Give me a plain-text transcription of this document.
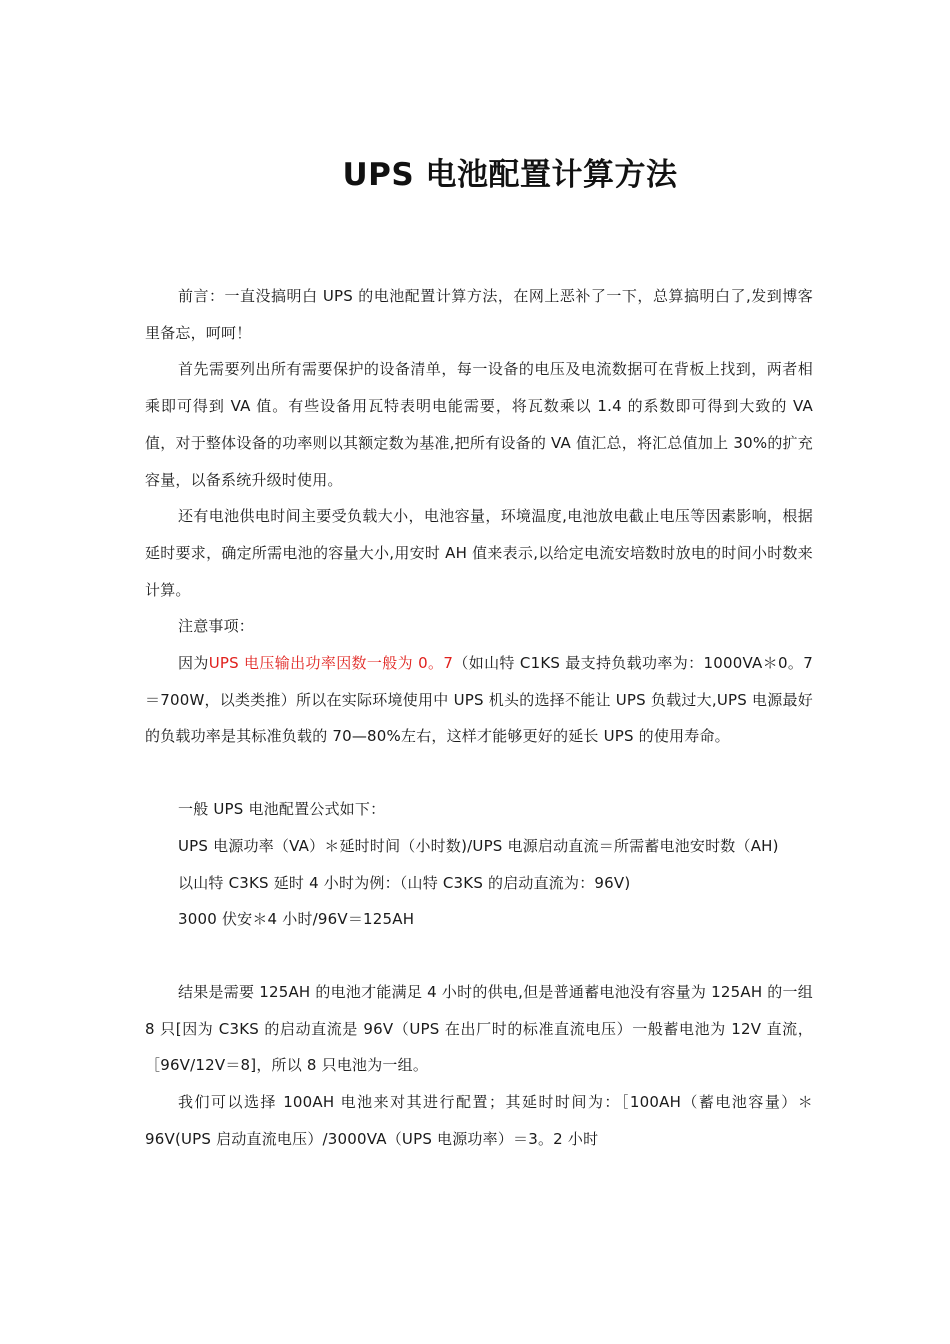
UPS 电池配置计算方法

前言：一直没搞明白 UPS 的电池配置计算方法，在网上恶补了一下，总算搞明白了,发到博客里备忘，呵呵！

首先需要列出所有需要保护的设备清单，每一设备的电压及电流数据可在背板上找到，两者相乘即可得到 VA 值。有些设备用瓦特表明电能需要，将瓦数乘以 1.4 的系数即可得到大致的 VA 值，对于整体设备的功率则以其额定数为基准,把所有设备的 VA 值汇总，将汇总值加上 30%的扩充容量，以备系统升级时使用。

还有电池供电时间主要受负载大小，电池容量，环境温度,电池放电截止电压等因素影响，根据延时要求，确定所需电池的容量大小,用安时 AH 值来表示,以给定电流安培数时放电的时间小时数来计算。

注意事项：

因为UPS 电压输出功率因数一般为 0。7（如山特 C1KS 最支持负载功率为：1000VA＊0。7＝700W，以类类推）所以在实际环境使用中 UPS 机头的选择不能让 UPS 负载过大,UPS 电源最好的负载功率是其标准负载的 70—80%左右，这样才能够更好的延长 UPS 的使用寿命。

一般 UPS 电池配置公式如下：

UPS 电源功率（VA）＊延时时间（小时数)/UPS 电源启动直流＝所需蓄电池安时数（AH)

以山特 C3KS 延时 4 小时为例：（山特 C3KS 的启动直流为：96V)

3000 伏安＊4 小时/96V＝125AH

结果是需要 125AH 的电池才能满足 4 小时的供电,但是普通蓄电池没有容量为 125AH 的一组 8 只[因为 C3KS 的启动直流是 96V（UPS 在出厂时的标准直流电压）一般蓄电池为 12V 直流，［96V/12V＝8]，所以 8 只电池为一组。

我们可以选择 100AH 电池来对其进行配置；其延时时间为：［100AH（蓄电池容量）＊96V(UPS 启动直流电压）/3000VA（UPS 电源功率）＝3。2 小时
